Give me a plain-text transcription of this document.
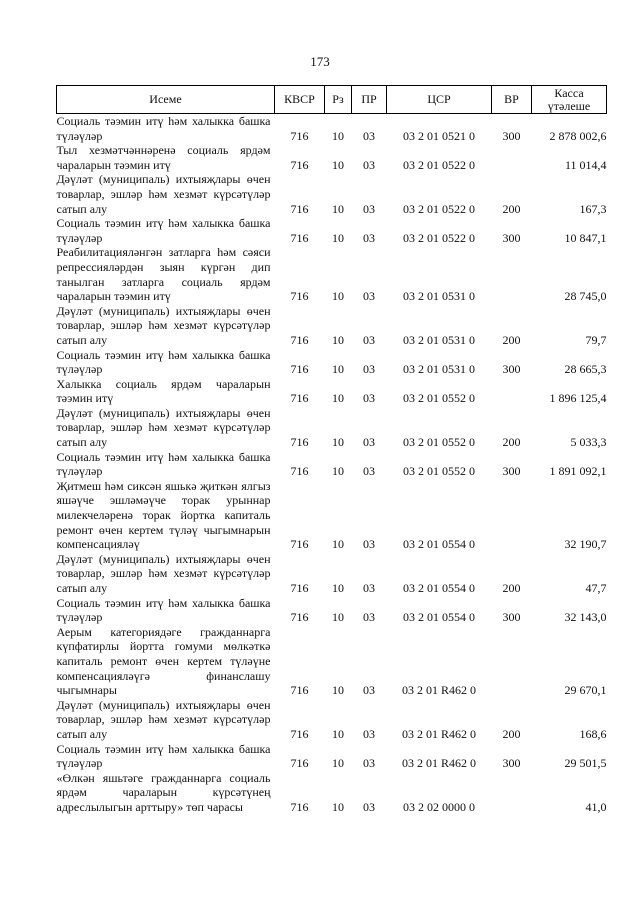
173
Исеме	КВСР	Рз	ПР	ЦСР	ВР	Касса
үтәлеше
Социаль тәэмин итү һәм халыкка башка түләүләр	716	10	03	03 2 01 0521 0	300	2 878 002,6
Тыл хезмәтчәннәренә социаль ярдәм чараларын тәэмин итү	716	10	03	03 2 01 0522 0		11 014,4
Дәүләт (муниципаль) ихтыяҗлары өчен товарлар, эшләр һәм хезмәт күрсәтүләр сатып алу	716	10	03	03 2 01 0522 0	200	167,3
Социаль тәэмин итү һәм халыкка башка түләүләр	716	10	03	03 2 01 0522 0	300	10 847,1
Реабилитацияләнгән затларга һәм сәяси репрессияләрдән зыян күргән дип танылган затларга социаль ярдәм чараларын тәэмин итү	716	10	03	03 2 01 0531 0		28 745,0
Дәүләт (муниципаль) ихтыяҗлары өчен товарлар, эшләр һәм хезмәт күрсәтүләр сатып алу	716	10	03	03 2 01 0531 0	200	79,7
Социаль тәэмин итү һәм халыкка башка түләүләр	716	10	03	03 2 01 0531 0	300	28 665,3
Халыкка социаль ярдәм чараларын тәэмин итү	716	10	03	03 2 01 0552 0		1 896 125,4
Дәүләт (муниципаль) ихтыяҗлары өчен товарлар, эшләр һәм хезмәт күрсәтүләр сатып алу	716	10	03	03 2 01 0552 0	200	5 033,3
Социаль тәэмин итү һәм халыкка башка түләүләр	716	10	03	03 2 01 0552 0	300	1 891 092,1
Җитмеш һәм сиксән яшькә җиткән ялгыз яшәүче эшләмәүче торак урыннар милекчеләренә торак йортка капиталь ремонт өчен кертем түләү чыгымнарын компенсацияләү	716	10	03	03 2 01 0554 0		32 190,7
Дәүләт (муниципаль) ихтыяҗлары өчен товарлар, эшләр һәм хезмәт күрсәтүләр сатып алу	716	10	03	03 2 01 0554 0	200	47,7
Социаль тәэмин итү һәм халыкка башка түләүләр	716	10	03	03 2 01 0554 0	300	32 143,0
Аерым категориядәге гражданнарга күпфатирлы йортта гомуми мөлкәткә капиталь ремонт өчен кертем түләүне компенсацияләүгә финанслашу чыгымнары	716	10	03	03 2 01 R462 0		29 670,1
Дәүләт (муниципаль) ихтыяҗлары өчен товарлар, эшләр һәм хезмәт күрсәтүләр сатып алу	716	10	03	03 2 01 R462 0	200	168,6
Социаль тәэмин итү һәм халыкка башка түләүләр	716	10	03	03 2 01 R462 0	300	29 501,5
«Өлкән яшьтәге гражданнарга социаль ярдәм чараларын күрсәтүнең адреслылыгын арттыру» төп чарасы	716	10	03	03 2 02 0000 0		41,0
